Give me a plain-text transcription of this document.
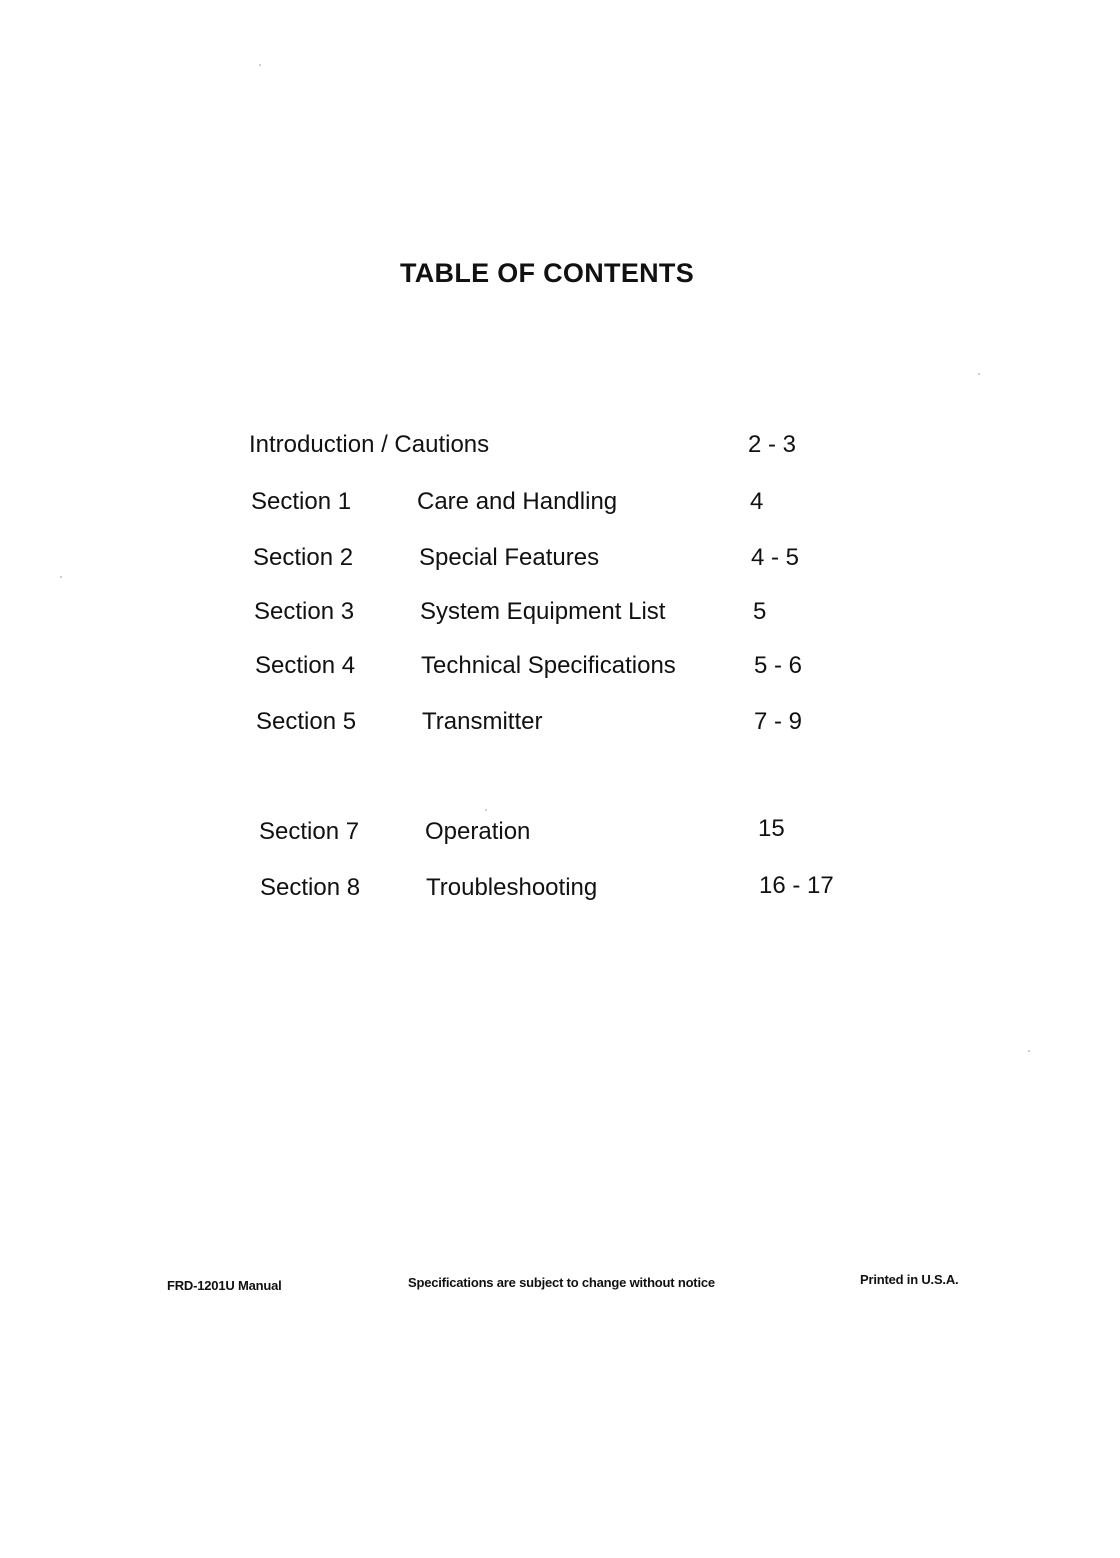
TABLE OF CONTENTS
Introduction / Cautions	2 - 3
Section 1	Care and Handling	4
Section 2	Special Features	4 - 5
Section 3	System Equipment List	5
Section 4	Technical Specifications	5 - 6
Section 5	Transmitter	7 - 9
Section 7	Operation	15
Section 8	Troubleshooting	16 - 17
FRD-1201U Manual	Specifications are subject to change without notice	Printed in U.S.A.
